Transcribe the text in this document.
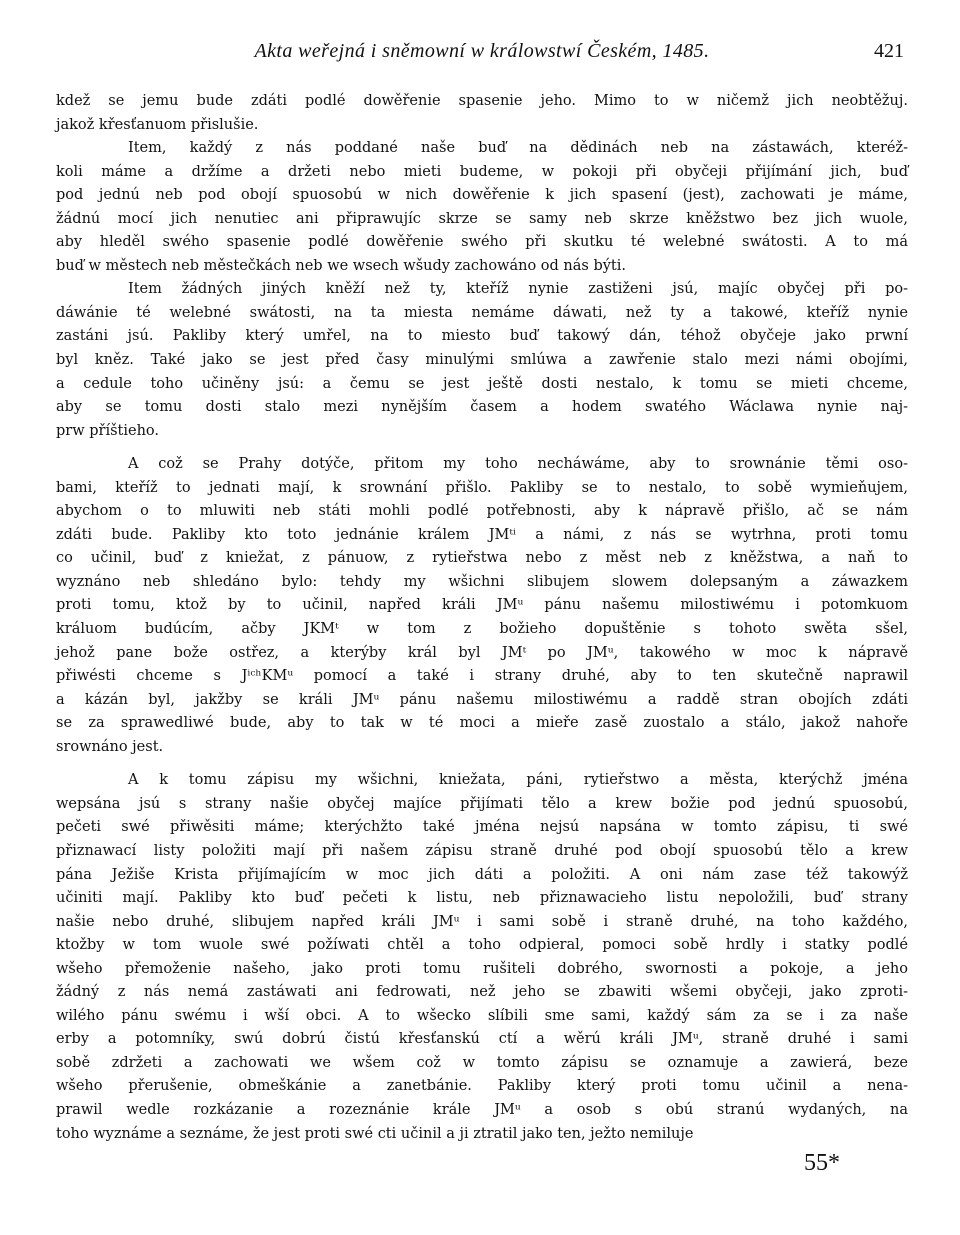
Akta weřejná i sněmowní w králowstwí Českém, 1485.	421

kdež se jemu bude zdáti podlé dowěřenie spasenie jeho. Mimo to w ničemž jich neobtěžuj.
jakož křesťanuom přislušie.

Item, každý z nás poddané naše buď na dědinách neb na zástawách, kteréž-
koli máme a držíme a držeti nebo mieti budeme, w pokoji při obyčeji přijímání jich, buď
pod jednú neb pod obojí spuosobú w nich dowěřenie k jich spasení (jest), zachowati je máme,
žádnú mocí jich nenutiec ani připrawujíc skrze se samy neb skrze kněžstwo bez jich wuole,
aby hleděl swého spasenie podlé dowěřenie swého při skutku té welebné swátosti. A to má
buď w městech neb městečkách neb we wsech wšudy zachowáno od nás býti.

Item žádných jiných kněží než ty, kteříž nynie zastiženi jsú, majíc obyčej při po-
dáwánie té welebné swátosti, na ta miesta nemáme dáwati, než ty a takowé, kteříž nynie
zastáni jsú. Pakliby který umřel, na to miesto buď takowý dán, téhož obyčeje jako prwní
byl kněz. Také jako se jest před časy minulými smlúwa a zawřenie stalo mezi námi obojími,
a cedule toho učiněny jsú: a čemu se jest ještě dosti nestalo, k tomu se mieti chceme,
aby se tomu dosti stalo mezi nynějším časem a hodem swatého Wáclawa nynie naj-
prw příštieho.

A což se Prahy dotýče, přitom my toho necháwáme, aby to srownánie těmi oso-
bami, kteříž to jednati mají, k srownání přišlo. Pakliby se to nestalo, to sobě wymieňujem,
abychom o to mluwiti neb státi mohli podlé potřebnosti, aby k nápravě přišlo, ač se nám
zdáti bude. Pakliby kto toto jednánie králem JMᵗⁱ a námi, z nás se wytrhna, proti tomu
co učinil, buď z kniežat, z pánuow, z rytieřstwa nebo z měst neb z kněžstwa, a naň to
wyznáno neb shledáno bylo: tehdy my wšichni slibujem slowem dolepsaným a záwazkem
proti tomu, ktož by to učinil, napřed králi JMᵘ pánu našemu milostiwému i potomkuom
králuom budúcím, ačby JKMᵗ w tom z božieho dopuštěnie s tohoto swěta sšel,
jehož pane bože ostřez, a kterýby král byl JMᵗ po JMᵘ, takowého w moc k nápravě
přiwésti chceme s JⁱᶜʰKMᵘ pomocí a také i strany druhé, aby to ten skutečně naprawil
a kázán byl, jakžby se králi JMᵘ pánu našemu milostiwému a raddě stran obojích zdáti
se za sprawedliwé bude, aby to tak w té moci a mieře zasě zuostalo a stálo, jakož nahoře
srownáno jest.

A k tomu zápisu my wšichni, kniežata, páni, rytieřstwo a města, kterýchž jména
wepsána jsú s strany našie obyčej majíce přijímati tělo a krew božie pod jednú spuosobú,
pečeti swé přiwěsiti máme; kterýchžto také jména nejsú napsána w tomto zápisu, ti swé
přiznawací listy položiti mají při našem zápisu straně druhé pod obojí spuosobú tělo a krew
pána Ježiše Krista přijímajícím w moc jich dáti a položiti. A oni nám zase též takowýž
učiniti mají. Pakliby kto buď pečeti k listu, neb přiznawacieho listu nepoložili, buď strany
našie nebo druhé, slibujem napřed králi JMᵘ i sami sobě i straně druhé, na toho každého,
ktožby w tom wuole swé požíwati chtěl a toho odpieral, pomoci sobě hrdly i statky podlé
wšeho přemoženie našeho, jako proti tomu rušiteli dobrého, swornosti a pokoje, a jeho
žádný z nás nemá zastáwati ani fedrowati, než jeho se zbawiti wšemi obyčeji, jako zproti-
wilého pánu swému i wší obci. A to wšecko slíbili sme sami, každý sám za se i za naše
erby a potomníky, swú dobrú čistú křesťanskú ctí a wěrú králi JMᵘ, straně druhé i sami
sobě zdržeti a zachowati we wšem což w tomto zápisu se oznamuje a zawierá, beze
wšeho přerušenie, obmeškánie a zanetbánie. Pakliby který proti tomu učinil a nena-
prawil wedle rozkázanie a rozeznánie krále JMᵘ a osob s obú stranú wydaných, na
toho wyznáme a seznáme, že jest proti swé cti učinil a ji ztratil jako ten, ježto nemiluje

55*
